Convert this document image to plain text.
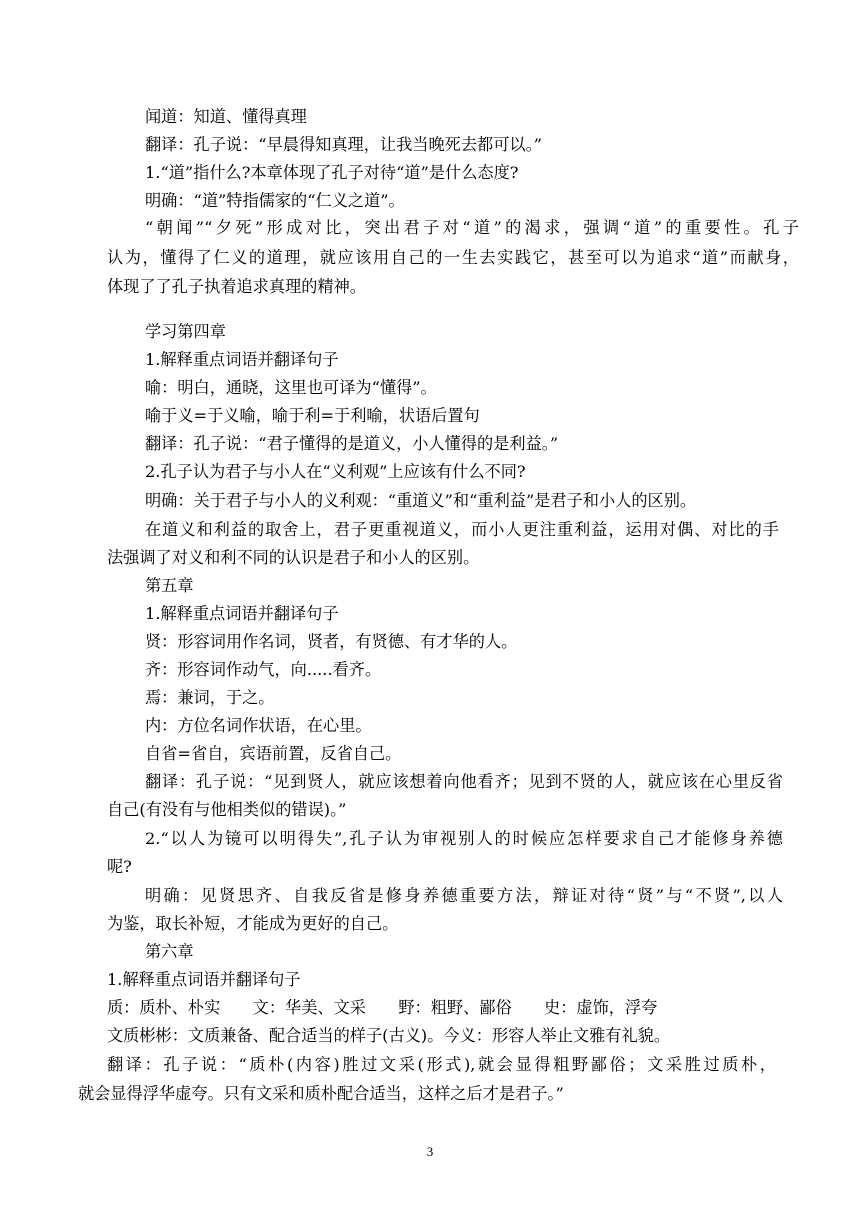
闻道：知道、懂得真理
翻译：孔子说：“早晨得知真理，让我当晚死去都可以。”
1.“道”指什么?本章体现了孔子对待“道”是什么态度?
明确：“道”特指儒家的“仁义之道”。
“朝闻”“夕死”形成对比，突出君子对“道”的渴求，强调“道”的重要性。孔子
认为，懂得了仁义的道理，就应该用自己的一生去实践它，甚至可以为追求“道”而献身，
体现了了孔子执着追求真理的精神。
学习第四章
1.解释重点词语并翻译句子
喻：明白，通晓，这里也可译为“懂得”。
喻于义=于义喻，喻于利=于利喻，状语后置句
翻译：孔子说：“君子懂得的是道义，小人懂得的是利益。”
2.孔子认为君子与小人在“义利观”上应该有什么不同?
明确：关于君子与小人的义利观：“重道义”和“重利益”是君子和小人的区别。
在道义和利益的取舍上，君子更重视道义，而小人更注重利益，运用对偶、对比的手
法强调了对义和利不同的认识是君子和小人的区别。
第五章
1.解释重点词语并翻译句子
贤：形容词用作名词，贤者，有贤德、有才华的人。
齐：形容词作动气，向.....看齐。
焉：兼词，于之。
内：方位名词作状语，在心里。
自省=省自，宾语前置，反省自己。
翻译：孔子说：“见到贤人，就应该想着向他看齐；见到不贤的人，就应该在心里反省
自己(有没有与他相类似的错误)。”
2.“以人为镜可以明得失”,孔子认为审视别人的时候应怎样要求自己才能修身养德
呢?
明确：见贤思齐、自我反省是修身养德重要方法，辩证对待“贤”与“不贤”,以人
为鉴，取长补短，才能成为更好的自己。
第六章
1.解释重点词语并翻译句子
质：质朴、朴实　　文：华美、文采　　野：粗野、鄙俗　　史：虚饰，浮夸
文质彬彬：文质兼备、配合适当的样子(古义)。今义：形容人举止文雅有礼貌。
翻译：孔子说：“质朴(内容)胜过文采(形式),就会显得粗野鄙俗；文采胜过质朴，
就会显得浮华虚夸。只有文采和质朴配合适当，这样之后才是君子。”
3
